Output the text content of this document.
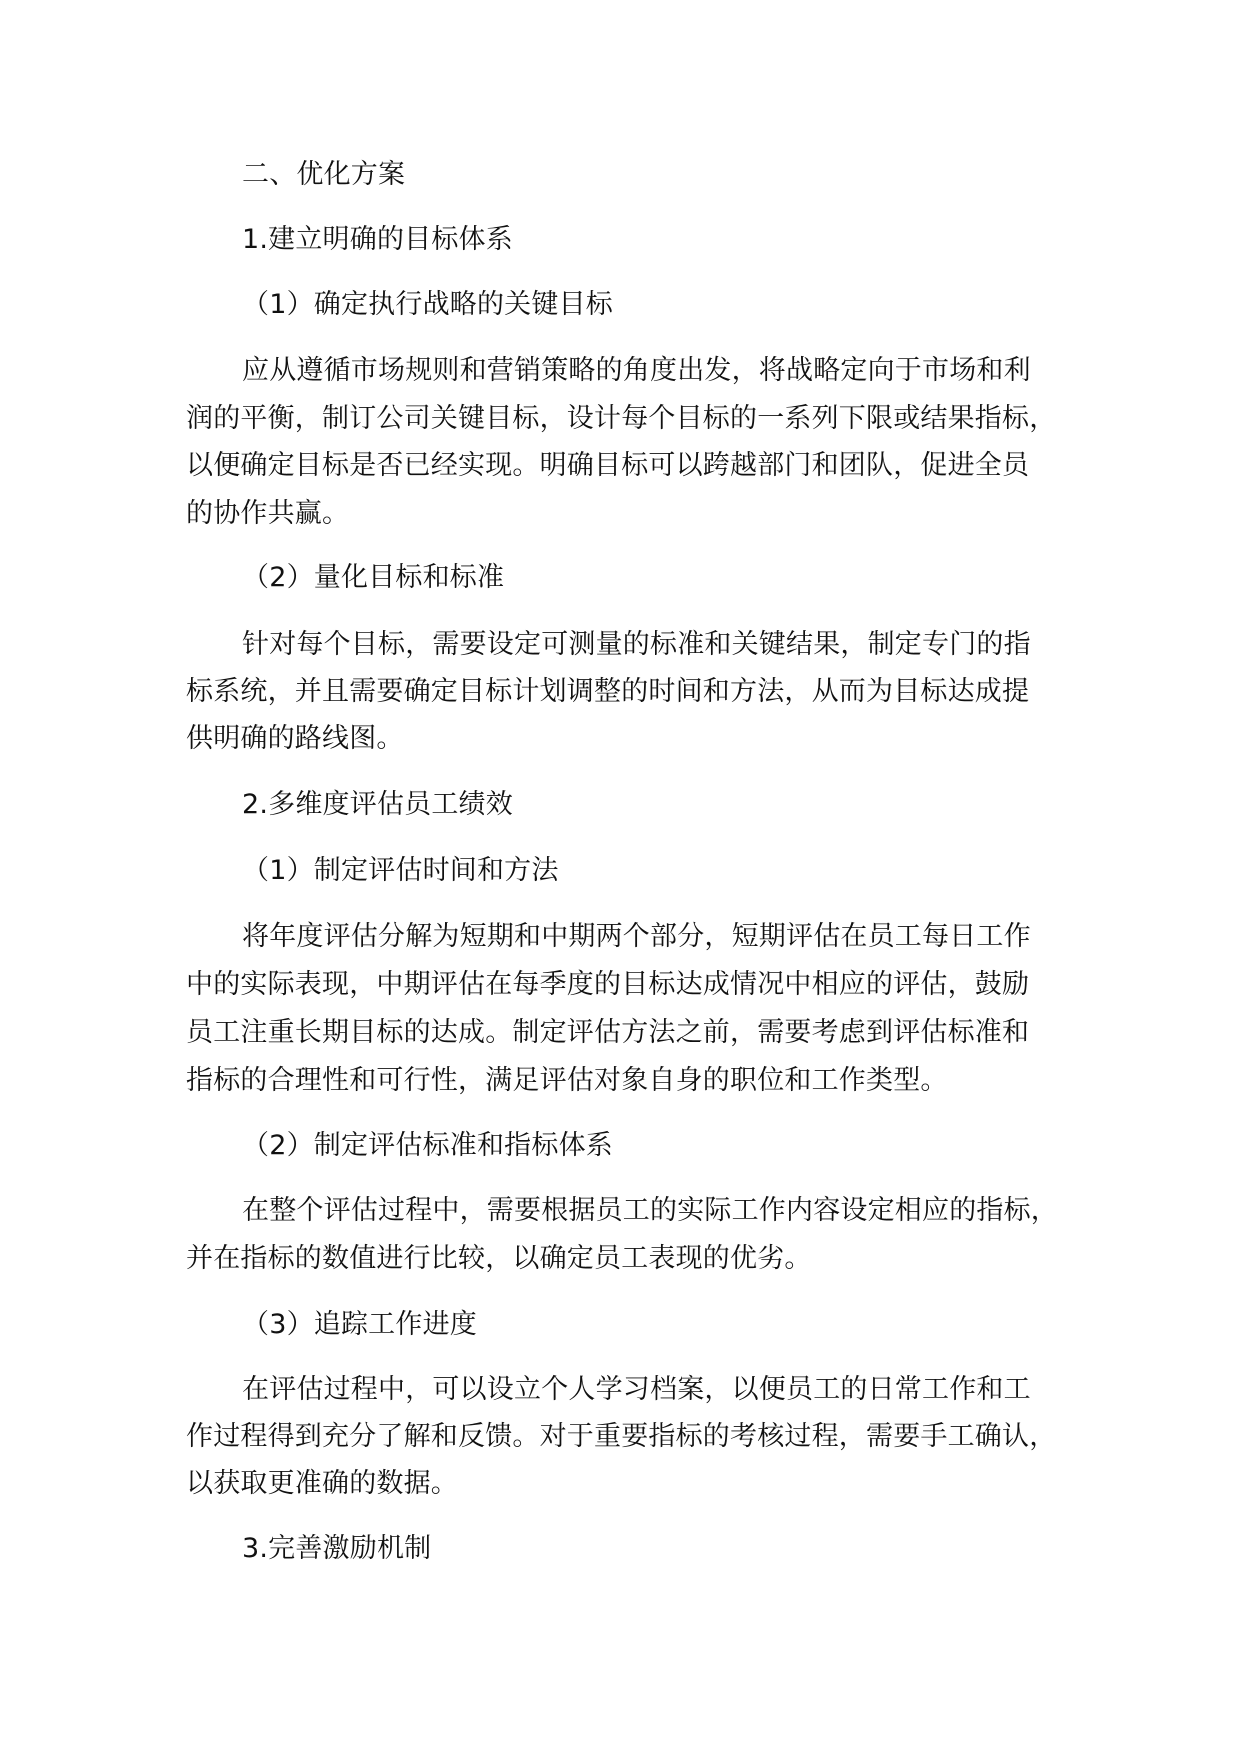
二、优化方案
1.建立明确的目标体系
（1）确定执行战略的关键目标
应从遵循市场规则和营销策略的角度出发，将战略定向于市场和利
润的平衡，制订公司关键目标，设计每个目标的一系列下限或结果指标，
以便确定目标是否已经实现。明确目标可以跨越部门和团队，促进全员
的协作共赢。
（2）量化目标和标准
针对每个目标，需要设定可测量的标准和关键结果，制定专门的指
标系统，并且需要确定目标计划调整的时间和方法，从而为目标达成提
供明确的路线图。
2.多维度评估员工绩效
（1）制定评估时间和方法
将年度评估分解为短期和中期两个部分，短期评估在员工每日工作
中的实际表现，中期评估在每季度的目标达成情况中相应的评估，鼓励
员工注重长期目标的达成。制定评估方法之前，需要考虑到评估标准和
指标的合理性和可行性，满足评估对象自身的职位和工作类型。
（2）制定评估标准和指标体系
在整个评估过程中，需要根据员工的实际工作内容设定相应的指标，
并在指标的数值进行比较，以确定员工表现的优劣。
（3）追踪工作进度
在评估过程中，可以设立个人学习档案，以便员工的日常工作和工
作过程得到充分了解和反馈。对于重要指标的考核过程，需要手工确认，
以获取更准确的数据。
3.完善激励机制
